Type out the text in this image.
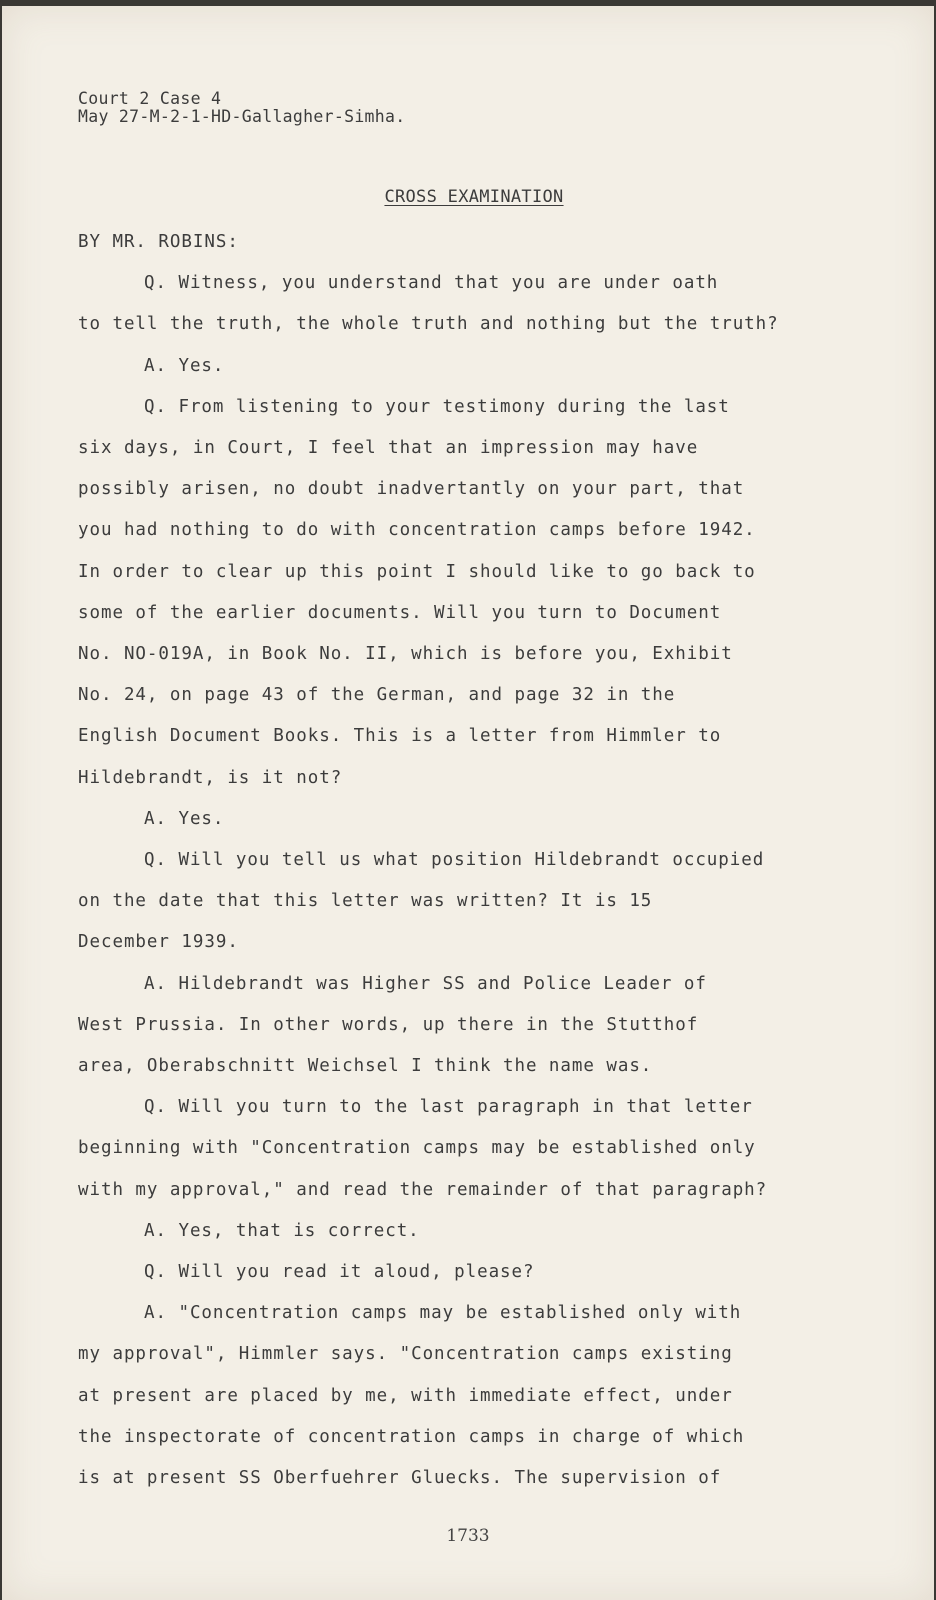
Court 2 Case 4
May 27-M-2-1-HD-Gallagher-Simha.
CROSS EXAMINATION
BY MR. ROBINS:
Q. Witness, you understand that you are under oath
to tell the truth, the whole truth and nothing but the truth?
A. Yes.
Q. From listening to your testimony during the last
six days, in Court, I feel that an impression may have
possibly arisen, no doubt inadvertantly on your part, that
you had nothing to do with concentration camps before 1942.
In order to clear up this point I should like to go back to
some of the earlier documents. Will you turn to Document
No. NO-019A, in Book No. II, which is before you, Exhibit
No. 24, on page 43 of the German, and page 32 in the
English Document Books. This is a letter from Himmler to
Hildebrandt, is it not?
A. Yes.
Q. Will you tell us what position Hildebrandt occupied
on the date that this letter was written? It is 15
December 1939.
A. Hildebrandt was Higher SS and Police Leader of
West Prussia. In other words, up there in the Stutthof
area, Oberabschnitt Weichsel I think the name was.
Q. Will you turn to the last paragraph in that letter
beginning with "Concentration camps may be established only
with my approval," and read the remainder of that paragraph?
A. Yes, that is correct.
Q. Will you read it aloud, please?
A. "Concentration camps may be established only with
my approval", Himmler says. "Concentration camps existing
at present are placed by me, with immediate effect, under
the inspectorate of concentration camps in charge of which
is at present SS Oberfuehrer Gluecks. The supervision of
1733
